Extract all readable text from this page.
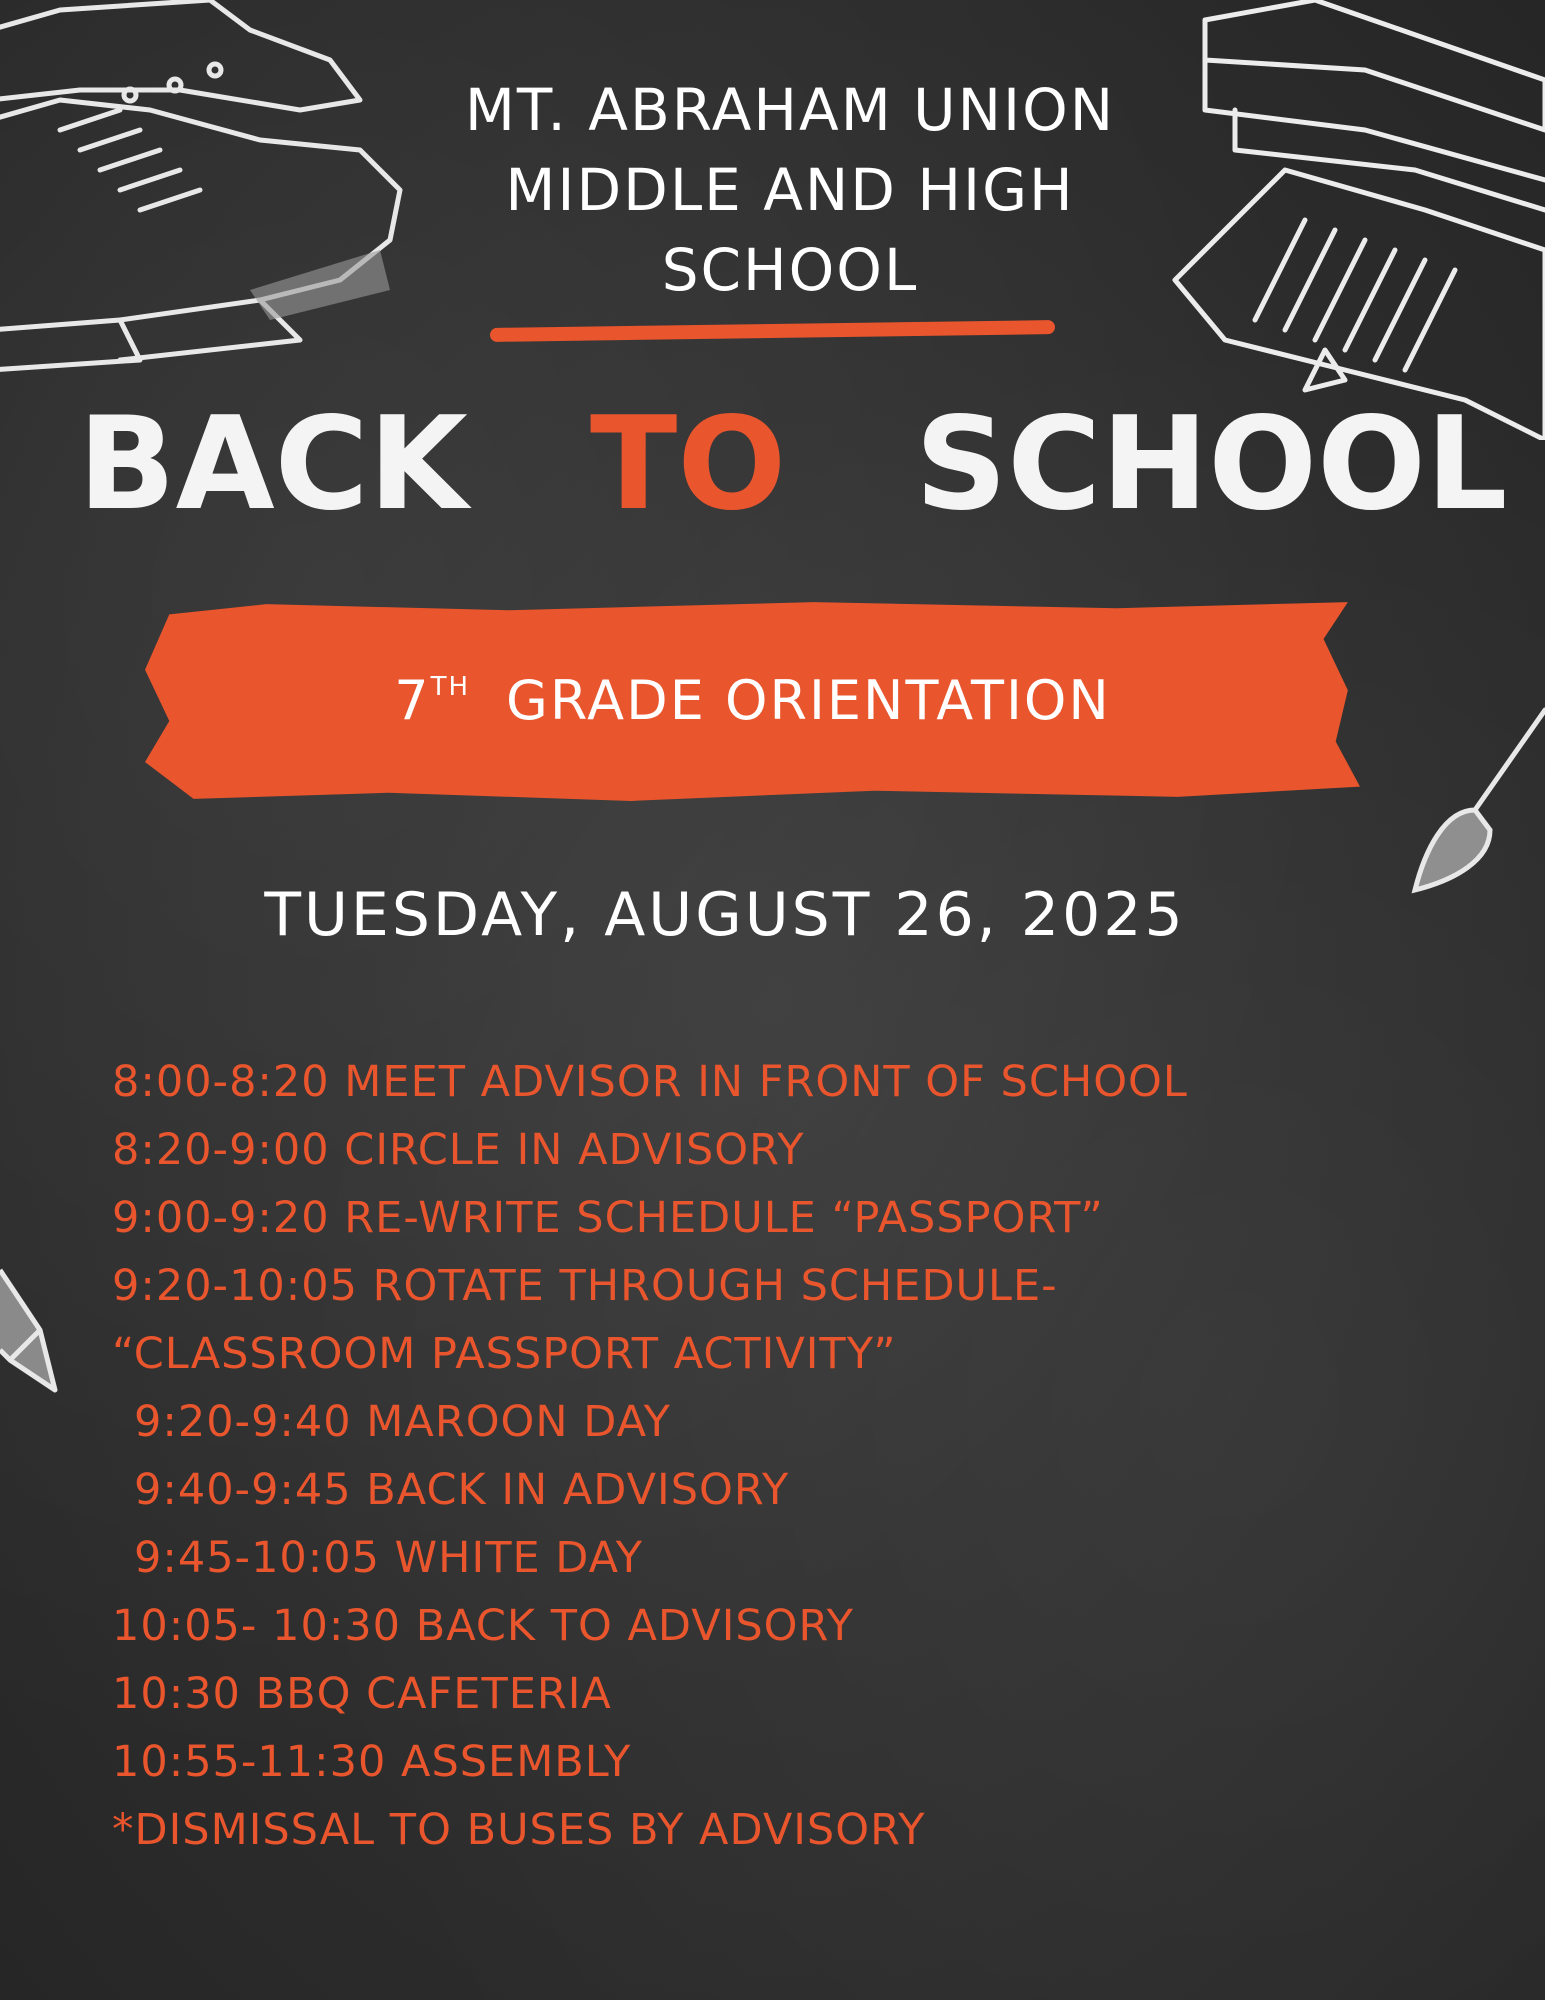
MT. ABRAHAM UNION
MIDDLE AND HIGH
SCHOOL
BACK TO SCHOOL
7TH GRADE ORIENTATION
TUESDAY, AUGUST 26, 2025
8:00-8:20 MEET ADVISOR IN FRONT OF SCHOOL
8:20-9:00 CIRCLE IN ADVISORY
9:00-9:20 RE-WRITE SCHEDULE “PASSPORT”
9:20-10:05 ROTATE THROUGH SCHEDULE-
“CLASSROOM PASSPORT ACTIVITY”
9:20-9:40 MAROON DAY
9:40-9:45 BACK IN ADVISORY
9:45-10:05 WHITE DAY
10:05- 10:30 BACK TO ADVISORY
10:30 BBQ CAFETERIA
10:55-11:30 ASSEMBLY
*DISMISSAL TO BUSES BY ADVISORY
